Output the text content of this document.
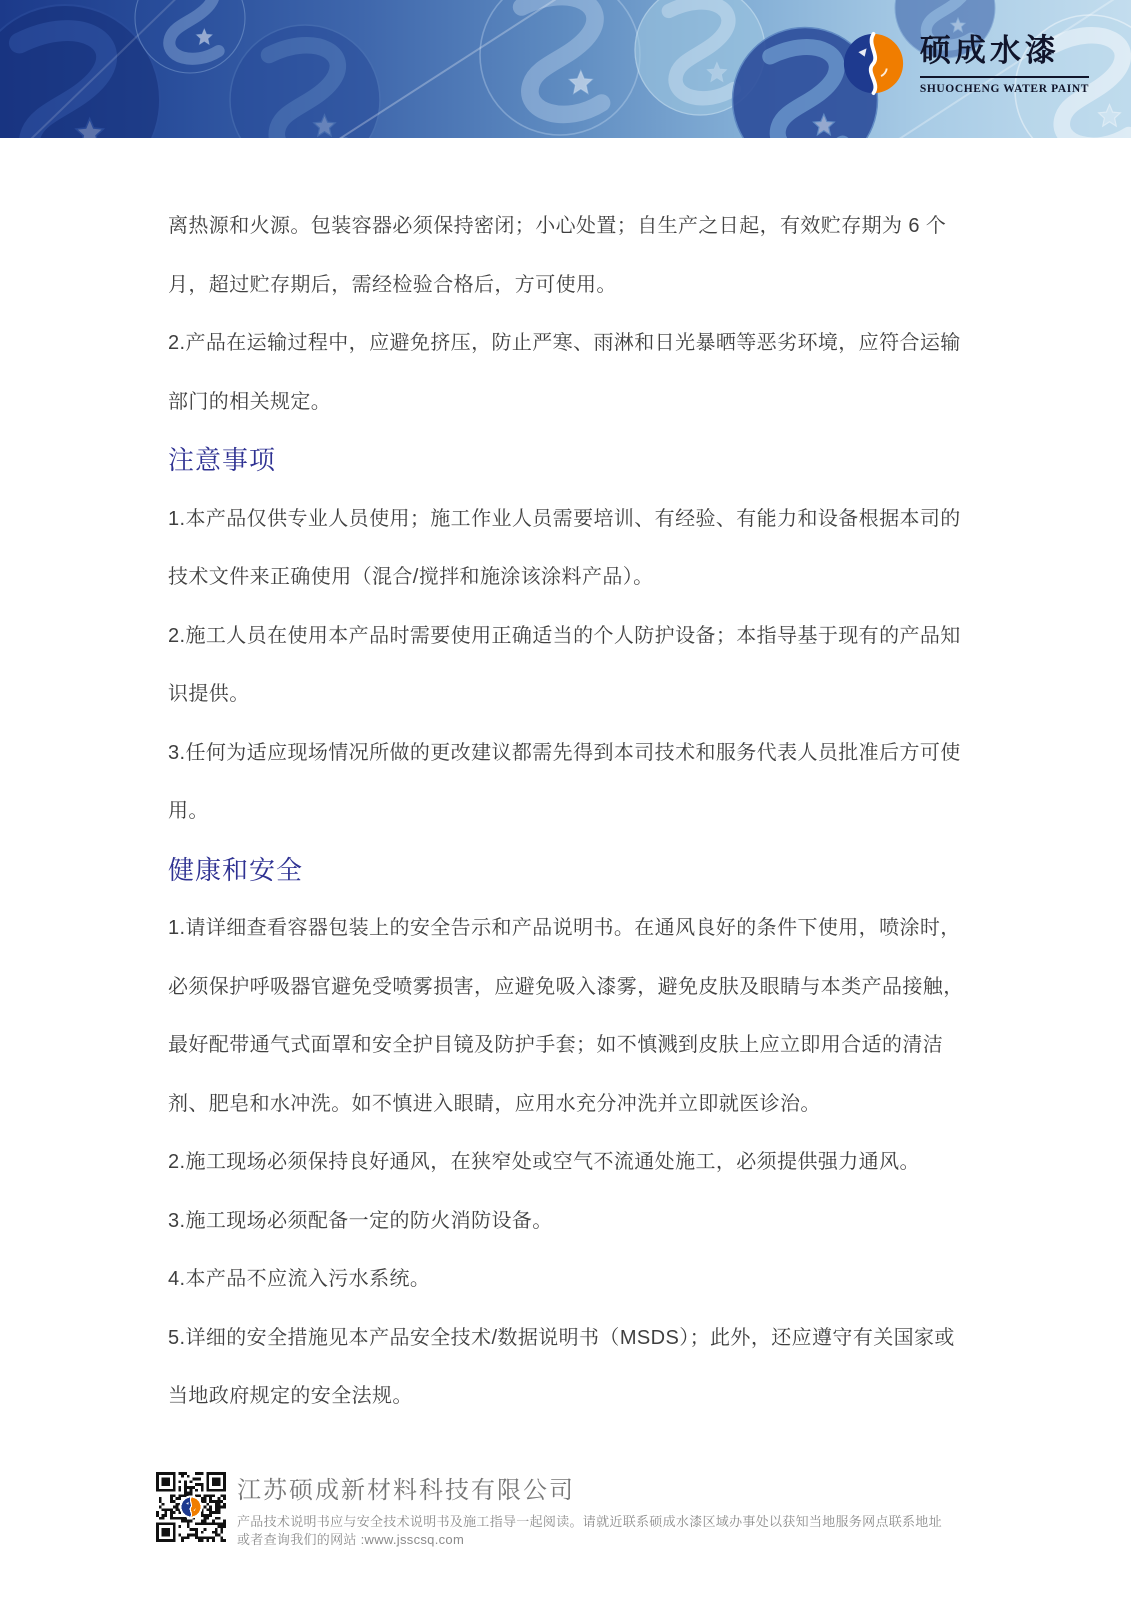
硕成水漆
SHUOCHENG WATER PAINT

离热源和火源。包装容器必须保持密闭；小心处置；自生产之日起，有效贮存期为 6 个月，超过贮存期后，需经检验合格后，方可使用。

2.产品在运输过程中，应避免挤压，防止严寒、雨淋和日光暴晒等恶劣环境，应符合运输部门的相关规定。

注意事项

1.本产品仅供专业人员使用；施工作业人员需要培训、有经验、有能力和设备根据本司的技术文件来正确使用（混合/搅拌和施涂该涂料产品）。

2.施工人员在使用本产品时需要使用正确适当的个人防护设备；本指导基于现有的产品知识提供。

3.任何为适应现场情况所做的更改建议都需先得到本司技术和服务代表人员批准后方可使用。

健康和安全

1.请详细查看容器包装上的安全告示和产品说明书。在通风良好的条件下使用，喷涂时，必须保护呼吸器官避免受喷雾损害，应避免吸入漆雾，避免皮肤及眼睛与本类产品接触，最好配带通气式面罩和安全护目镜及防护手套；如不慎溅到皮肤上应立即用合适的清洁剂、肥皂和水冲洗。如不慎进入眼睛，应用水充分冲洗并立即就医诊治。

2.施工现场必须保持良好通风，在狭窄处或空气不流通处施工，必须提供强力通风。

3.施工现场必须配备一定的防火消防设备。

4.本产品不应流入污水系统。

5.详细的安全措施见本产品安全技术/数据说明书（MSDS）；此外，还应遵守有关国家或当地政府规定的安全法规。

江苏硕成新材料科技有限公司
产品技术说明书应与安全技术说明书及施工指导一起阅读。请就近联系硕成水漆区域办事处以获知当地服务网点联系地址
或者查询我们的网站 :www.jsscsq.com
